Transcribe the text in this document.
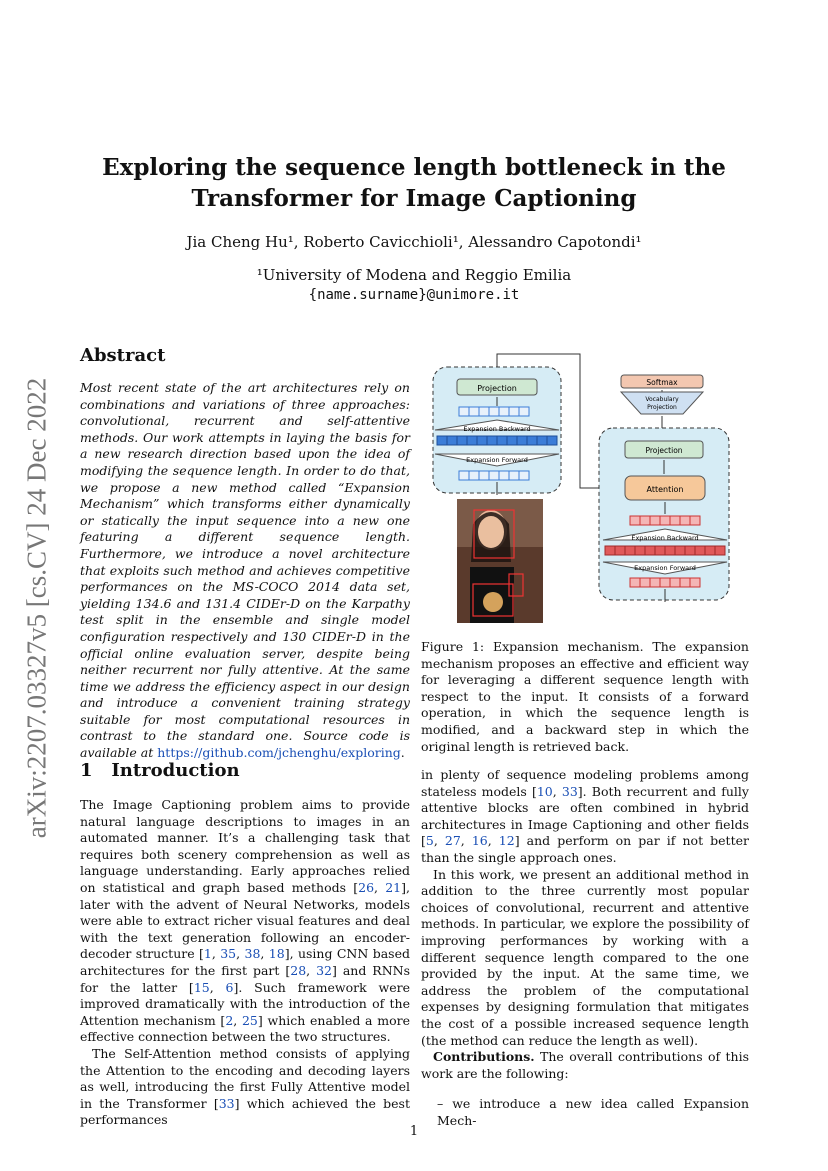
arXiv:2207.03327v5 [cs.CV] 24 Dec 2022
Exploring the sequence length bottleneck in the Transformer for Image Captioning
Jia Cheng Hu¹, Roberto Cavicchioli¹, Alessandro Capotondi¹
¹University of Modena and Reggio Emilia
{name.surname}@unimore.it
Abstract

Most recent state of the art architectures rely on combinations and variations of three approaches: convolutional, recurrent and self-attentive methods. Our work attempts in laying the basis for a new research direction based upon the idea of modifying the sequence length. In order to do that, we propose a new method called “Expansion Mechanism” which transforms either dynamically or statically the input sequence into a new one featuring a different sequence length. Furthermore, we introduce a novel architecture that exploits such method and achieves competitive performances on the MS-COCO 2014 data set, yielding 134.6 and 131.4 CIDEr-D on the Karpathy test split in the ensemble and single model configuration respectively and 130 CIDEr-D in the official online evaluation server, despite being neither recurrent nor fully attentive. At the same time we address the efficiency aspect in our design and introduce a convenient training strategy suitable for most computational resources in contrast to the standard one. Source code is available at https://github.com/jchenghu/exploring.

Projection
Expansion Backward
Expansion Forward
Softmax
Vocabulary
Projection
Projection
Attention
Expansion Backward
Expansion Forward
Figure 1: Expansion mechanism. The expansion mechanism proposes an effective and efficient way for leveraging a different sequence length with respect to the input. It consists of a forward operation, in which the sequence length is modified, and a backward step in which the original length is retrieved back.
1 Introduction

The Image Captioning problem aims to provide natural language descriptions to images in an automated manner. It’s a challenging task that requires both scenery comprehension as well as language understanding. Early approaches relied on statistical and graph based methods [26, 21], later with the advent of Neural Networks, models were able to extract richer visual features and deal with the text generation following an encoder-decoder structure [1, 35, 38, 18], using CNN based architectures for the first part [28, 32] and RNNs for the latter [15, 6]. Such framework were improved dramatically with the introduction of the Attention mechanism [2, 25] which enabled a more effective connection between the two structures.

The Self-Attention method consists of applying the Attention to the encoding and decoding layers as well, introducing the first Fully Attentive model in the Transformer [33] which achieved the best performances

in plenty of sequence modeling problems among stateless models [10, 33]. Both recurrent and fully attentive blocks are often combined in hybrid architectures in Image Captioning and other fields [5, 27, 16, 12] and perform on par if not better than the single approach ones.

In this work, we present an additional method in addition to the three currently most popular choices of convolutional, recurrent and attentive methods. In particular, we explore the possibility of improving performances by working with a different sequence length compared to the one provided by the input. At the same time, we address the problem of the computational expenses by designing formulation that mitigates the cost of a possible increased sequence length (the method can reduce the length as well).

Contributions. The overall contributions of this work are the following:

– we introduce a new idea called Expansion Mech-

1
